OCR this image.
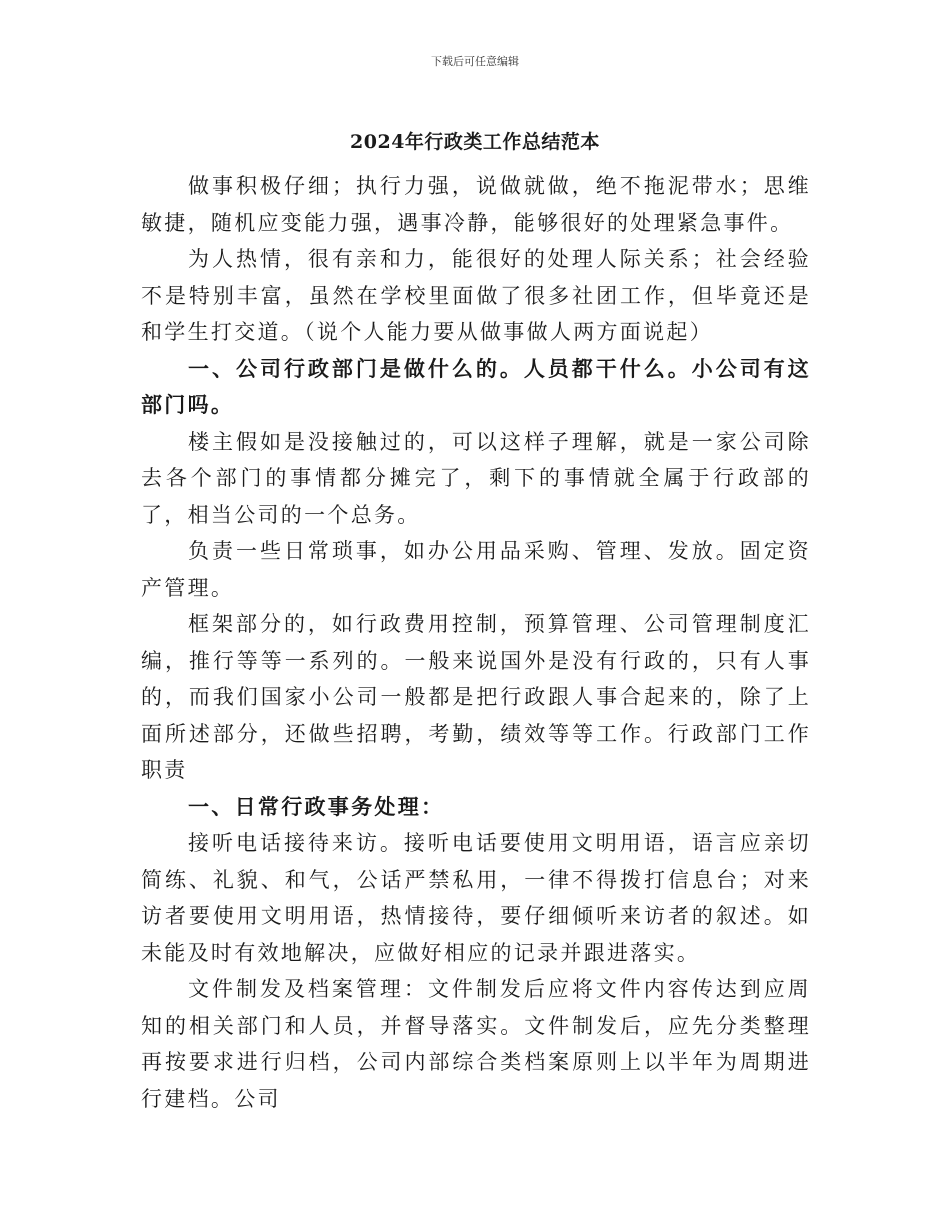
下载后可任意编辑
2024年行政类工作总结范本

做事积极仔细；执行力强，说做就做，绝不拖泥带水；思维敏捷，随机应变能力强，遇事冷静，能够很好的处理紧急事件。

为人热情，很有亲和力，能很好的处理人际关系；社会经验不是特别丰富，虽然在学校里面做了很多社团工作，但毕竟还是和学生打交道。（说个人能力要从做事做人两方面说起）

一、公司行政部门是做什么的。人员都干什么。小公司有这部门吗。

楼主假如是没接触过的，可以这样子理解，就是一家公司除去各个部门的事情都分摊完了，剩下的事情就全属于行政部的了，相当公司的一个总务。

负责一些日常琐事，如办公用品采购、管理、发放。固定资产管理。

框架部分的，如行政费用控制，预算管理、公司管理制度汇编，推行等等一系列的。一般来说国外是没有行政的，只有人事的，而我们国家小公司一般都是把行政跟人事合起来的，除了上面所述部分，还做些招聘，考勤，绩效等等工作。行政部门工作职责

一、日常行政事务处理：

接听电话接待来访。接听电话要使用文明用语，语言应亲切简练、礼貌、和气，公话严禁私用，一律不得拨打信息台；对来访者要使用文明用语，热情接待，要仔细倾听来访者的叙述。如未能及时有效地解决，应做好相应的记录并跟进落实。

文件制发及档案管理：文件制发后应将文件内容传达到应周知的相关部门和人员，并督导落实。文件制发后，应先分类整理再按要求进行归档，公司内部综合类档案原则上以半年为周期进行建档。公司
